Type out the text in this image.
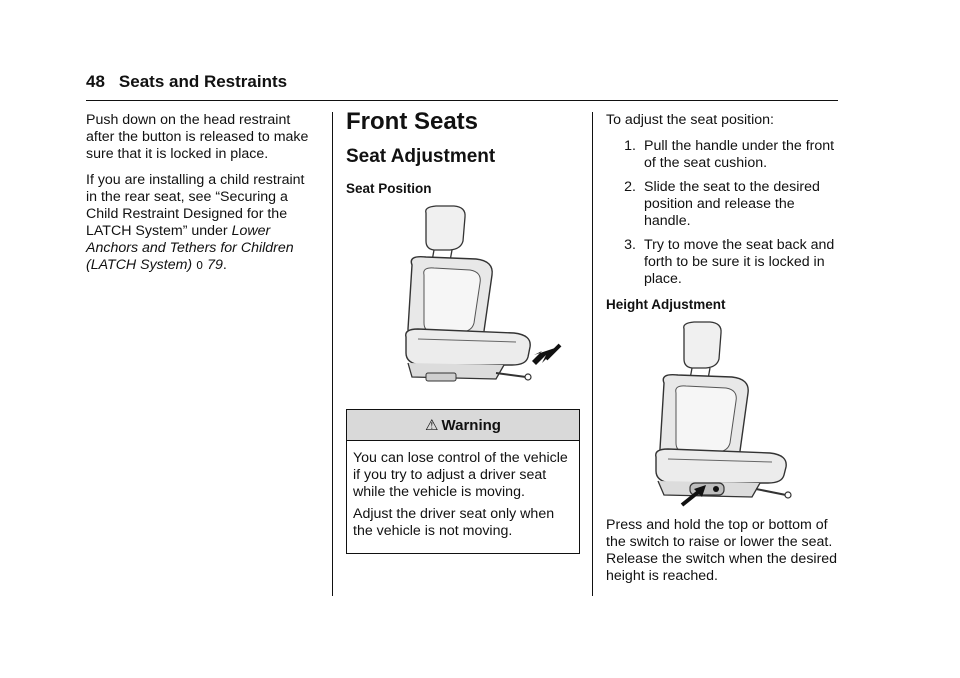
48 Seats and Restraints

Push down on the head restraint after the button is released to make sure that it is locked in place.

If you are installing a child restraint in the rear seat, see “Securing a Child Restraint Designed for the LATCH System” under Lower Anchors and Tethers for Children (LATCH System) 0 79.

Front Seats
Seat Adjustment
Seat Position
⚠ Warning

You can lose control of the vehicle if you try to adjust a driver seat while the vehicle is moving.

Adjust the driver seat only when the vehicle is not moving.

To adjust the seat position:

1. Pull the handle under the front of the seat cushion.
2. Slide the seat to the desired position and release the handle.
3. Try to move the seat back and forth to be sure it is locked in place.
Height Adjustment

Press and hold the top or bottom of the switch to raise or lower the seat. Release the switch when the desired height is reached.
